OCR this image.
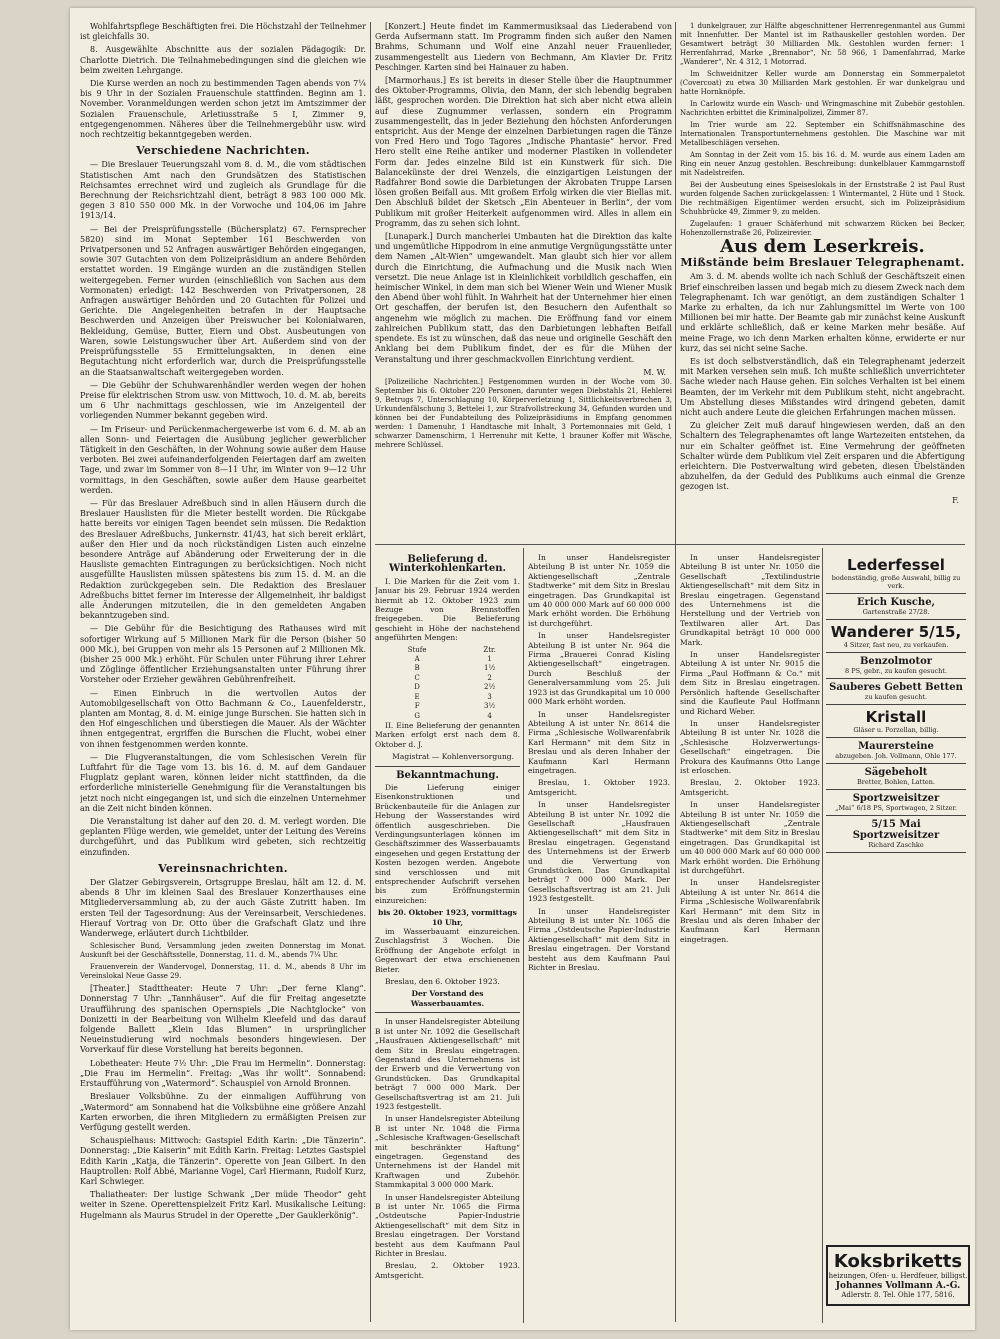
Wohlfahrtspflege Beschäftigten frei. Die Höchstzahl der Teilnehmer ist gleichfalls 30.

8. Ausgewählte Abschnitte aus der sozialen Pädagogik: Dr. Charlotte Dietrich. Die Teilnahmebedingungen sind die gleichen wie beim zweiten Lehrgange.

Die Kurse werden an noch zu bestimmenden Tagen abends von 7¼ bis 9 Uhr in der Sozialen Frauenschule stattfinden. Beginn am 1. November. Voranmeldungen werden schon jetzt im Amtszimmer der Sozialen Frauenschule, Arletiusstraße 5 I, Zimmer 9, entgegengenommen. Näheres über die Teilnehmergebühr usw. wird noch rechtzeitig bekanntgegeben werden.

Verschiedene Nachrichten.

— Die Breslauer Teuerungszahl vom 8. d. M., die vom städtischen Statistischen Amt nach den Grundsätzen des Statistischen Reichsamtes errechnet wird und zugleich als Grundlage für die Berechnung der Reichsrichtzahl dient, beträgt 8 983 100 000 Mk. gegen 3 810 550 000 Mk. in der Vorwoche und 104,06 im Jahre 1913/14.

— Bei der Preisprüfungsstelle (Büchersplatz) 67. Fernsprecher 5820) sind im Monat September 161 Beschwerden von Privatpersonen und 52 Anfragen auswärtiger Behörden eingegangen, sowie 307 Gutachten von dem Polizeipräsidium an andere Behörden erstattet worden. 19 Eingänge wurden an die zuständigen Stellen weitergegeben. Ferner wurden (einschließlich von Sachen aus dem Vormonaten) erledigt: 142 Beschwerden von Privatpersonen, 28 Anfragen auswärtiger Behörden und 20 Gutachten für Polizei und Gerichte. Die Angelegenheiten betrafen in der Hauptsache Beschwerden und Anzeigen über Preiswucher bei Kolonialwaren, Bekleidung, Gemüse, Butter, Eiern und Obst. Ausbeutungen von Waren, sowie Leistungswucher über Art. Außerdem sind von der Preisprüfungsstelle 55 Ermittelungsakten, in denen eine Begutachtung nicht erforderlich war, durch die Preisprüfungsstelle an die Staatsanwaltschaft weitergegeben worden.

— Die Gebühr der Schuhwarenhändler werden wegen der hohen Preise für elektrischen Strom usw. von Mittwoch, 10. d. M. ab, bereits um 6 Uhr nachmittags geschlossen, wie im Anzeigenteil der vorliegenden Nummer bekannt gegeben wird.

— Im Friseur- und Perückenmachergewerbe ist vom 6. d. M. ab an allen Sonn- und Feiertagen die Ausübung jeglicher gewerblicher Tätigkeit in den Geschäften, in der Wohnung sowie außer dem Hause verboten. Bei zwei aufeinanderfolgenden Feiertagen darf am zweiten Tage, und zwar im Sommer von 8—11 Uhr, im Winter von 9—12 Uhr vormittags, in den Geschäften, sowie außer dem Hause gearbeitet werden.

— Für das Breslauer Adreßbuch sind in allen Häusern durch die Breslauer Hauslisten für die Mieter bestellt worden. Die Rückgabe hatte bereits vor einigen Tagen beendet sein müssen. Die Redaktion des Breslauer Adreßbuchs, Junkernstr. 41/43, hat sich bereit erklärt, außer den Hier und da noch rückständigen Listen auch einzelne besondere Anträge auf Abänderung oder Erweiterung der in die Hausliste gemachten Eintragungen zu berücksichtigen. Noch nicht ausgefüllte Hauslisten müssen spätestens bis zum 15. d. M. an die Redaktion zurückgegeben sein. Die Redaktion des Breslauer Adreßbuchs bittet ferner im Interesse der Allgemeinheit, ihr baldigst alle Änderungen mitzuteilen, die in den gemeldeten Angaben bekanntzugeben sind.

— Die Gebühr für die Besichtigung des Rathauses wird mit sofortiger Wirkung auf 5 Millionen Mark für die Person (bisher 50 000 Mk.), bei Gruppen von mehr als 15 Personen auf 2 Millionen Mk. (bisher 25 000 Mk.) erhöht. Für Schulen unter Führung ihrer Lehrer und Zöglinge öffentlicher Erziehungsanstalten unter Führung ihrer Vorsteher oder Erzieher gewähren Gebührenfreiheit.

— Einen Einbruch in die wertvollen Autos der Automobilgesellschaft von Otto Bachmann & Co., Lauenfelderstr., planten am Montag, 8. d. M. einige junge Burschen. Sie hatten sich in den Hof eingeschlichen und überstiegen die Mauer. Als der Wächter ihnen entgegentrat, ergriffen die Burschen die Flucht, wobei einer von ihnen festgenommen werden konnte.

— Die Flugveranstaltungen, die vom Schlesischen Verein für Luftfahrt für die Tage vom 13. bis 16. d. M. auf dem Gandauer Flugplatz geplant waren, können leider nicht stattfinden, da die erforderliche ministerielle Genehmigung für die Veranstaltungen bis jetzt noch nicht eingegangen ist, und sich die einzelnen Unternehmer an die Zeit nicht binden können.

Die Veranstaltung ist daher auf den 20. d. M. verlegt worden. Die geplanten Flüge werden, wie gemeldet, unter der Leitung des Vereins durchgeführt, und das Publikum wird gebeten, sich rechtzeitig einzufinden.

Vereinsnachrichten.

Der Glatzer Gebirgsverein, Ortsgruppe Breslau, hält am 12. d. M. abends 8 Uhr im kleinen Saal des Breslauer Konzerthauses eine Mitgliederversammlung ab, zu der auch Gäste Zutritt haben. Im ersten Teil der Tagesordnung: Aus der Vereinsarbeit, Verschiedenes. Hierauf Vortrag von Dr. Otto über die Grafschaft Glatz und ihre Wanderwege, erläutert durch Lichtbilder.

Schlesischer Bund, Versammlung jeden zweiten Donnerstag im Monat. Auskunft bei der Geschäftsstelle, Donnerstag, 11. d. M., abends 7¼ Uhr.

Frauenverein der Wandervogel, Donnerstag, 11. d. M., abends 8 Uhr im Vereinslokal Neue Gasse 29.

[Theater.] Stadttheater: Heute 7 Uhr: „Der ferne Klang“. Donnerstag 7 Uhr: „Tannhäuser“. Auf die für Freitag angesetzte Uraufführung des spanischen Opernspiels „Die Nachtglocke“ von Donizetti in der Bearbeitung von Wilhelm Kleefeld und das darauf folgende Ballett „Klein Idas Blumen“ in ursprünglicher Neueinstudierung wird nochmals besonders hingewiesen. Der Vorverkauf für diese Vorstellung hat bereits begonnen.

Lobetheater: Heute 7½ Uhr: „Die Frau im Hermelin“. Donnerstag: „Die Frau im Hermelin“. Freitag: „Was ihr wollt“. Sonnabend: Erstaufführung von „Watermord“. Schauspiel von Arnold Bronnen.

Breslauer Volksbühne. Zu der einmaligen Aufführung von „Watermord“ am Sonnabend hat die Volksbühne eine größere Anzahl Karten erworben, die ihren Mitgliedern zu ermäßigten Preisen zur Verfügung gestellt werden.

Schauspielhaus: Mittwoch: Gastspiel Edith Karin: „Die Tänzerin“. Donnerstag: „Die Kaiserin“ mit Edith Karin. Freitag: Letztes Gastspiel Edith Karin „Katja, die Tänzerin“. Operette von Jean Gilbert. In den Hauptrollen: Rolf Abbé, Marianne Vogel, Carl Hiermann, Rudolf Kurz, Karl Schwieger.

Thaliatheater: Der lustige Schwank „Der müde Theodor“ geht weiter in Szene. Operettenspielzeit Fritz Karl. Musikalische Leitung: Hugelmann als Maurus Strudel in der Operette „Der Gauklerkönig“.

[Konzert.] Heute findet im Kammermusiksaal das Liederabend von Gerda Aufsermann statt. Im Programm finden sich außer den Namen Brahms, Schumann und Wolf eine Anzahl neuer Frauenlieder, zusammengestellt aus Liedern von Bechmann, Am Klavier Dr. Fritz Peschinger. Karten sind bei Hainauer zu haben.

[Marmorhaus.] Es ist bereits in dieser Stelle über die Hauptnummer des Oktober-Programms, Olivia, den Mann, der sich lebendig begraben läßt, gesprochen worden. Die Direktion hat sich aber nicht etwa allein auf diese Zugnummer verlassen, sondern ein Programm zusammengestellt, das in jeder Beziehung den höchsten Anforderungen entspricht. Aus der Menge der einzelnen Darbietungen ragen die Tänze von Fred Hero und Togo Tagores „Indische Phantasie“ hervor. Fred Hero stellt eine Reihe antiker und moderner Plastiken in vollendeter Form dar. Jedes einzelne Bild ist ein Kunstwerk für sich. Die Balancekünste der drei Wenzels, die einzigartigen Leistungen der Radfahrer Bond sowie die Darbietungen der Akrobaten Truppe Larsen lösen großen Beifall aus. Mit großem Erfolg wirken die vier Biellas mit. Den Abschluß bildet der Sketsch „Ein Abenteuer in Berlin“, der vom Publikum mit großer Heiterkeit aufgenommen wird. Alles in allem ein Programm, das zu sehen sich lohnt.

[Lunapark.] Durch mancherlei Umbauten hat die Direktion das kalte und ungemütliche Hippodrom in eine anmutige Vergnügungsstätte unter dem Namen „Alt-Wien“ umgewandelt. Man glaubt sich hier vor allem durch die Einrichtung, die Aufmachung und die Musik nach Wien versetzt. Die neue Anlage ist in Kleinlichkeit vorbildlich geschaffen, ein heimischer Winkel, in dem man sich bei Wiener Wein und Wiener Musik den Abend über wohl fühlt. In Wahrheit hat der Unternehmer hier einen Ort geschaffen, der berufen ist, den Besuchern den Aufenthalt so angenehm wie möglich zu machen. Die Eröffnung fand vor einem zahlreichen Publikum statt, das den Darbietungen lebhaften Beifall spendete. Es ist zu wünschen, daß das neue und originelle Geschäft den Anklang bei dem Publikum findet, der es für die Mühen der Veranstaltung und ihrer geschmackvollen Einrichtung verdient.

M. W.

[Polizeiliche Nachrichten.] Festgenommen wurden in der Woche vom 30. September bis 6. Oktober 220 Personen, darunter wegen Diebstahls 21, Hehlerei 9, Betrugs 7, Unterschlagung 10, Körperverletzung 1, Sittlichkeitsverbrechen 3, Urkundenfälschung 3, Bettelei 1, zur Strafvollstreckung 34, Gefunden wurden und können bei der Fundabteilung des Polizeipräsidiums in Empfang genommen werden: 1 Damenuhr, 1 Handtasche mit Inhalt, 3 Portemonnaies mit Geld, 1 schwarzer Damenschirm, 1 Herrenuhr mit Kette, 1 brauner Koffer mit Wäsche, mehrere Schlüssel.

1 dunkelgrauer, zur Hälfte abgeschnittener Herrenregenmantel aus Gummi mit Innenfutter. Der Mantel ist im Rathauskeller gestohlen worden. Der Gesamtwert beträgt 30 Milliarden Mk. Gestohlen wurden ferner: 1 Herrenfahrrad, Marke „Brennabor“, Nr. 58 966, 1 Damenfahrrad, Marke „Wanderer“, Nr. 4 312, 1 Motorrad.

Im Schweidnitzer Keller wurde am Donnerstag ein Sommerpaletot (Covercoat) zu etwa 30 Milliarden Mark gestohlen. Er war dunkelgrau und hatte Hornknöpfe.

In Carlowitz wurde ein Wasch- und Wringmaschine mit Zubehör gestohlen. Nachrichten erbittet die Kriminalpolizei, Zimmer 87.

Im Trier wurde am 22. September ein Schiffsnähmaschine des Internationalen Transportunternehmens gestohlen. Die Maschine war mit Metallbeschlägen versehen.

Am Sonntag in der Zeit vom 15. bis 16. d. M. wurde aus einem Laden am Ring ein neuer Anzug gestohlen. Beschreibung: dunkelblauer Kammgarnstoff mit Nadelstreifen.

Bei der Ausbeutung eines Speiseslokals in der Ernststraße 2 ist Paul Rust wurden folgende Sachen zurückgelassen: 1 Wintermantel, 2 Hüte und 1 Stock. Die rechtmäßigen Eigentümer werden ersucht, sich im Polizeipräsidium Schuhbrücke 49, Zimmer 9, zu melden.

Zugelaufen: 1 grauer Schäferhund mit schwarzem Rücken bei Becker, Hohenzollernstraße 26, Polizeirevier.

Aus dem Leserkreis.
Mißstände beim Breslauer Telegraphenamt.

Am 3. d. M. abends wollte ich nach Schluß der Geschäftszeit einen Brief einschreiben lassen und begab mich zu diesem Zweck nach dem Telegraphenamt. Ich war genötigt, an dem zuständigen Schalter 1 Marke zu erhalten, da ich nur Zahlungsmittel im Werte von 100 Millionen bei mir hatte. Der Beamte gab mir zunächst keine Auskunft und erklärte schließlich, daß er keine Marken mehr besäße. Auf meine Frage, wo ich denn Marken erhalten könne, erwiderte er nur kurz, das sei nicht seine Sache.

Es ist doch selbstverständlich, daß ein Telegraphenamt jederzeit mit Marken versehen sein muß. Ich mußte schließlich unverrichteter Sache wieder nach Hause gehen. Ein solches Verhalten ist bei einem Beamten, der im Verkehr mit dem Publikum steht, nicht angebracht. Um Abstellung dieses Mißstandes wird dringend gebeten, damit nicht auch andere Leute die gleichen Erfahrungen machen müssen.

Zu gleicher Zeit muß darauf hingewiesen werden, daß an den Schaltern des Telegraphenamtes oft lange Wartezeiten entstehen, da nur ein Schalter geöffnet ist. Eine Vermehrung der geöffneten Schalter würde dem Publikum viel Zeit ersparen und die Abfertigung erleichtern. Die Postverwaltung wird gebeten, diesen Übelständen abzuhelfen, da der Geduld des Publikums auch einmal die Grenze gezogen ist.

F.
Belieferung d. Winterkohlenkarten.

I. Die Marken für die Zeit vom 1. Januar bis 29. Februar 1924 werden hiermit ab 12. Oktober 1923 zum Bezuge von Brennstoffen freigegeben. Die Belieferung geschieht in Höhe der nachstehend angeführten Mengen:

Stufe	Ztr.
A	1
B	1½
C	2
D	2½
E	3
F	3½
G	4

II. Eine Belieferung der genannten Marken erfolgt erst nach dem 8. Oktober d. J.

Magistrat — Kohlenversorgung.
Bekanntmachung.

Die Lieferung einiger Eisenkonstruktionen und Brückenbauteile für die Anlagen zur Hebung der Wasserstandes wird öffentlich ausgeschrieben. Die Verdingungsunterlagen können im Geschäftszimmer des Wasserbauamts eingesehen und gegen Erstattung der Kosten bezogen werden. Angebote sind verschlossen und mit entsprechender Aufschrift versehen bis zum Eröffnungstermin einzureichen:

bis 20. Oktober 1923, vormittags 10 Uhr,

im Wasserbauamt einzureichen. Zuschlagsfrist 3 Wochen. Die Eröffnung der Angebote erfolgt in Gegenwart der etwa erschienenen Bieter.

Breslau, den 6. Oktober 1923.

Der Vorstand des Wasserbauamtes.

In unser Handelsregister Abteilung B ist unter Nr. 1092 die Gesellschaft „Hausfrauen Aktiengesellschaft“ mit dem Sitz in Breslau eingetragen. Gegenstand des Unternehmens ist der Erwerb und die Verwertung von Grundstücken. Das Grundkapital beträgt 7 000 000 Mark. Der Gesellschaftsvertrag ist am 21. Juli 1923 festgestellt.

In unser Handelsregister Abteilung B ist unter Nr. 1048 die Firma „Schlesische Kraftwagen-Gesellschaft mit beschränkter Haftung“ eingetragen. Gegenstand des Unternehmens ist der Handel mit Kraftwagen und Zubehör. Stammkapital 3 000 000 Mark.

In unser Handelsregister Abteilung B ist unter Nr. 1065 die Firma „Ostdeutsche Papier-Industrie Aktiengesellschaft“ mit dem Sitz in Breslau eingetragen. Der Vorstand besteht aus dem Kaufmann Paul Richter in Breslau.

Breslau, 2. Oktober 1923. Amtsgericht.

In unser Handelsregister Abteilung B ist unter Nr. 1059 die Aktiengesellschaft „Zentrale Stadtwerke“ mit dem Sitz in Breslau eingetragen. Das Grundkapital ist um 40 000 000 Mark auf 60 000 000 Mark erhöht worden. Die Erhöhung ist durchgeführt.

In unser Handelsregister Abteilung B ist unter Nr. 964 die Firma „Brauerei Conrad Kisling Aktiengesellschaft“ eingetragen. Durch Beschluß der Generalversammlung vom 25. Juli 1923 ist das Grundkapital um 10 000 000 Mark erhöht worden.

In unser Handelsregister Abteilung A ist unter Nr. 8614 die Firma „Schlesische Wollwarenfabrik Karl Hermann“ mit dem Sitz in Breslau und als deren Inhaber der Kaufmann Karl Hermann eingetragen.

Breslau, 1. Oktober 1923. Amtsgericht.

In unser Handelsregister Abteilung B ist unter Nr. 1092 die Gesellschaft „Hausfrauen Aktiengesellschaft“ mit dem Sitz in Breslau eingetragen. Gegenstand des Unternehmens ist der Erwerb und die Verwertung von Grundstücken. Das Grundkapital beträgt 7 000 000 Mark. Der Gesellschaftsvertrag ist am 21. Juli 1923 festgestellt.

In unser Handelsregister Abteilung B ist unter Nr. 1065 die Firma „Ostdeutsche Papier-Industrie Aktiengesellschaft“ mit dem Sitz in Breslau eingetragen. Der Vorstand besteht aus dem Kaufmann Paul Richter in Breslau.

In unser Handelsregister Abteilung B ist unter Nr. 1050 die Gesellschaft „Textilindustrie Aktiengesellschaft“ mit dem Sitz in Breslau eingetragen. Gegenstand des Unternehmens ist die Herstellung und der Vertrieb von Textilwaren aller Art. Das Grundkapital beträgt 10 000 000 Mark.

In unser Handelsregister Abteilung A ist unter Nr. 9015 die Firma „Paul Hoffmann & Co.“ mit dem Sitz in Breslau eingetragen. Persönlich haftende Gesellschafter sind die Kaufleute Paul Hoffmann und Richard Weber.

In unser Handelsregister Abteilung B ist unter Nr. 1028 die „Schlesische Holzverwertungs-Gesellschaft“ eingetragen. Die Prokura des Kaufmanns Otto Lange ist erloschen.

Breslau, 2. Oktober 1923. Amtsgericht.

In unser Handelsregister Abteilung B ist unter Nr. 1059 die Aktiengesellschaft „Zentrale Stadtwerke“ mit dem Sitz in Breslau eingetragen. Das Grundkapital ist um 40 000 000 Mark auf 60 000 000 Mark erhöht worden. Die Erhöhung ist durchgeführt.

In unser Handelsregister Abteilung A ist unter Nr. 8614 die Firma „Schlesische Wollwarenfabrik Karl Hermann“ mit dem Sitz in Breslau und als deren Inhaber der Kaufmann Karl Hermann eingetragen.

Lederfessel
bodenständig, große Auswahl, billig zu verk.
Erich Kusche,
Gartenstraße 27/28.
Wanderer 5/15,
4 Sitzer, fast neu, zu verkaufen.
Benzolmotor
8 PS, gebr., zu kaufen gesucht.
Sauberes Gebett Betten
zu kaufen gesucht.
Kristall
Gläser u. Porzellan, billig.
Maurersteine
abzugeben. Joh. Vollmann, Ohle 177.
Sägebeholt
Bretter, Bohlen, Latten.
Sportzweisitzer
„Mai“ 6/18 PS, Sportwagen, 2 Sitzer.
5/15 Mai Sportzweisitzer
Richard Zaschke
Koksbriketts
heizungen, Ofen- u. Herdfeuer, billigst.
Johannes Vollmann A.-G.
Adlerstr. 8. Tel. Ohle 177, 5816.
